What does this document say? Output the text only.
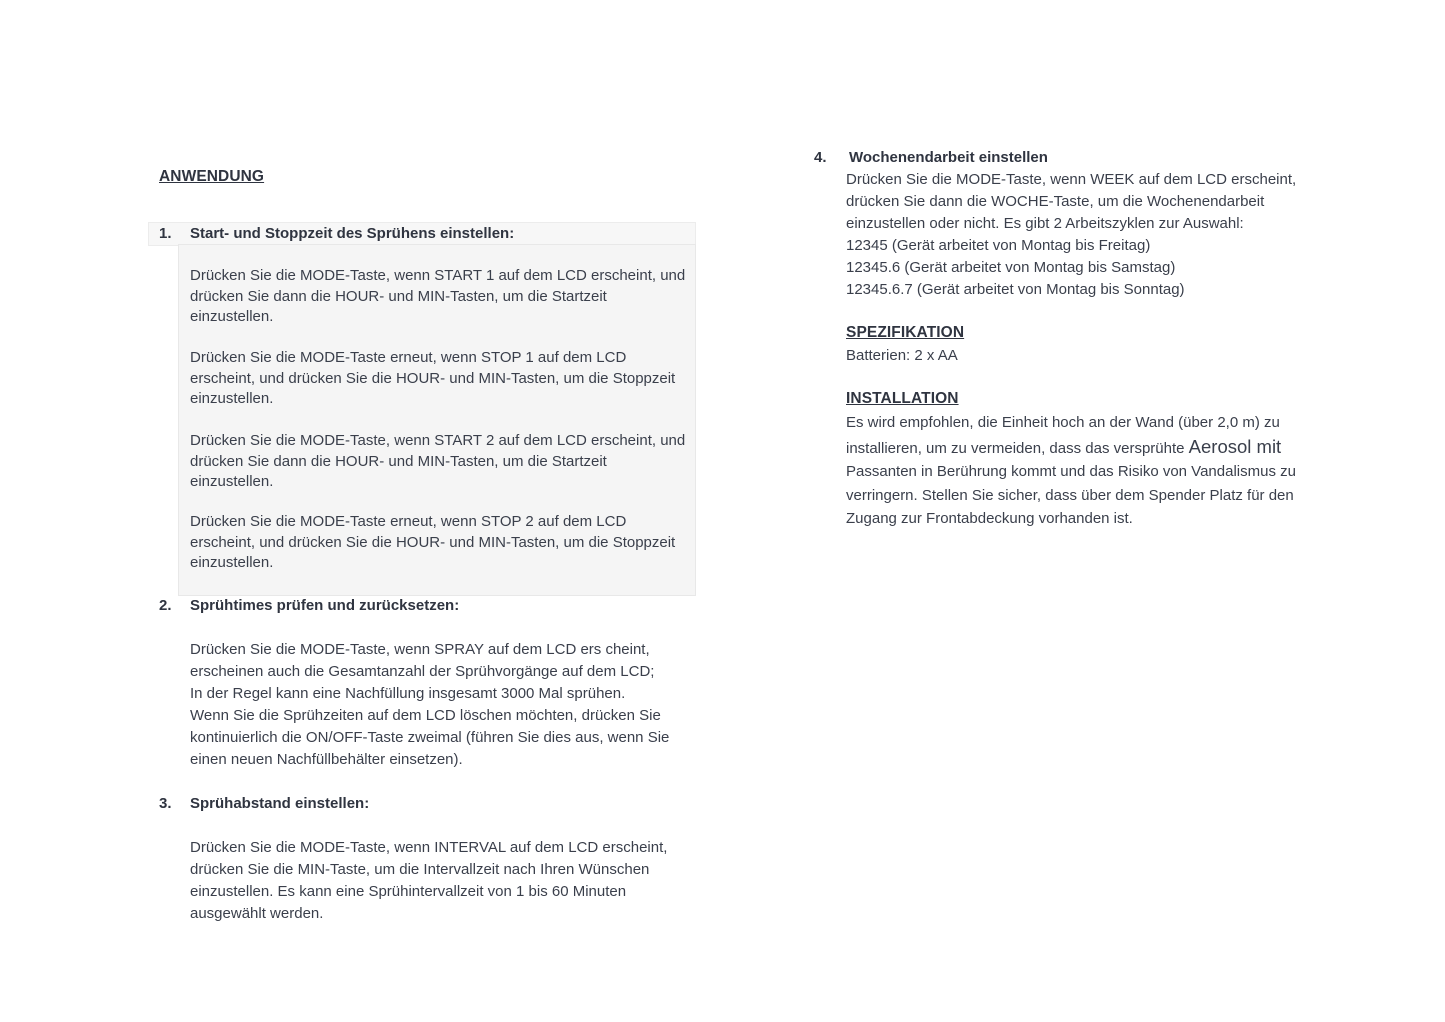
ANWENDUNG
1. Start- und Stoppzeit des Sprühens einstellen:

Drücken Sie die MODE-Taste, wenn START 1 auf dem LCD erscheint, und
drücken Sie dann die HOUR- und MIN-Tasten, um die Startzeit
einzustellen.

Drücken Sie die MODE-Taste erneut, wenn STOP 1 auf dem LCD
erscheint, und drücken Sie die HOUR- und MIN-Tasten, um die Stoppzeit
einzustellen.

Drücken Sie die MODE-Taste, wenn START 2 auf dem LCD erscheint, und
drücken Sie dann die HOUR- und MIN-Tasten, um die Startzeit
einzustellen.

Drücken Sie die MODE-Taste erneut, wenn STOP 2 auf dem LCD
erscheint, und drücken Sie die HOUR- und MIN-Tasten, um die Stoppzeit
einzustellen.

2. Sprühtimes prüfen und zurücksetzen:

Drücken Sie die MODE-Taste, wenn SPRAY auf dem LCD ers cheint,
erscheinen auch die Gesamtanzahl der Sprühvorgänge auf dem LCD;
In der Regel kann eine Nachfüllung insgesamt 3000 Mal sprühen.
Wenn Sie die Sprühzeiten auf dem LCD löschen möchten, drücken Sie
kontinuierlich die ON/OFF-Taste zweimal (führen Sie dies aus, wenn Sie
einen neuen Nachfüllbehälter einsetzen).

3. Sprühabstand einstellen:

Drücken Sie die MODE-Taste, wenn INTERVAL auf dem LCD erscheint,
drücken Sie die MIN-Taste, um die Intervallzeit nach Ihren Wünschen
einzustellen. Es kann eine Sprühintervallzeit von 1 bis 60 Minuten
ausgewählt werden.

4. Wochenendarbeit einstellen

Drücken Sie die MODE-Taste, wenn WEEK auf dem LCD erscheint,
drücken Sie dann die WOCHE-Taste, um die Wochenendarbeit
einzustellen oder nicht. Es gibt 2 Arbeitszyklen zur Auswahl:
12345 (Gerät arbeitet von Montag bis Freitag)
12345.6 (Gerät arbeitet von Montag bis Samstag)
12345.6.7 (Gerät arbeitet von Montag bis Sonntag)

SPEZIFIKATION
Batterien: 2 x AA
INSTALLATION

Es wird empfohlen, die Einheit hoch an der Wand (über 2,0 m) zu
installieren, um zu vermeiden, dass das versprühte Aerosol mit
Passanten in Berührung kommt und das Risiko von Vandalismus zu
verringern. Stellen Sie sicher, dass über dem Spender Platz für den
Zugang zur Frontabdeckung vorhanden ist.
